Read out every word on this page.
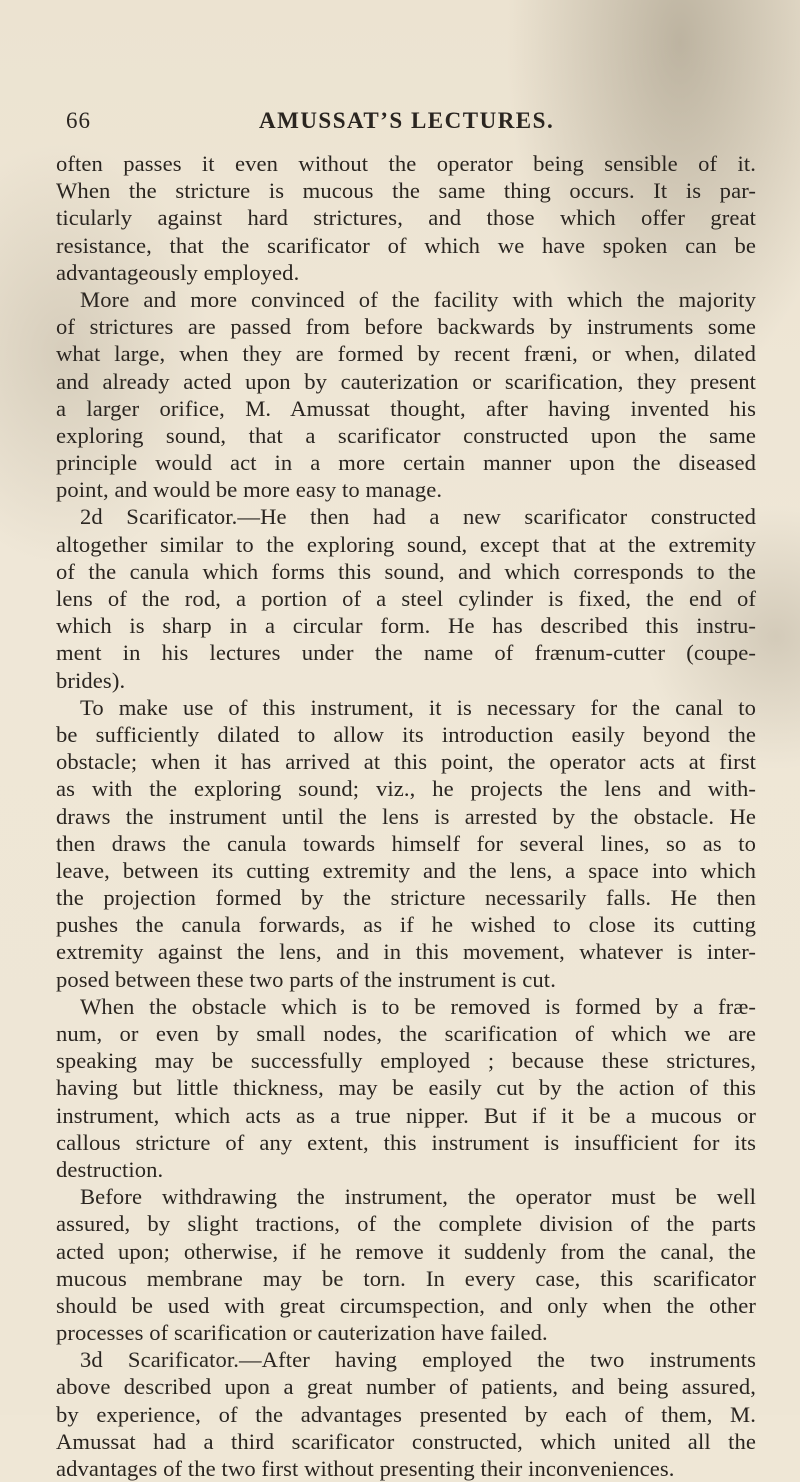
66	AMUSSAT’S LECTURES.
often passes it even without the operator being sensible of it.
When the stricture is mucous the same thing occurs. It is par-
ticularly against hard strictures, and those which offer great
resistance, that the scarificator of which we have spoken can be
advantageously employed.
More and more convinced of the facility with which the majority
of strictures are passed from before backwards by instruments some
what large, when they are formed by recent fræni, or when, dilated
and already acted upon by cauterization or scarification, they present
a larger orifice, M. Amussat thought, after having invented his
exploring sound, that a scarificator constructed upon the same
principle would act in a more certain manner upon the diseased
point, and would be more easy to manage.
2d Scarificator.—He then had a new scarificator constructed
altogether similar to the exploring sound, except that at the extremity
of the canula which forms this sound, and which corresponds to the
lens of the rod, a portion of a steel cylinder is fixed, the end of
which is sharp in a circular form. He has described this instru-
ment in his lectures under the name of frænum-cutter (coupe-
brides).
To make use of this instrument, it is necessary for the canal to
be sufficiently dilated to allow its introduction easily beyond the
obstacle; when it has arrived at this point, the operator acts at first
as with the exploring sound; viz., he projects the lens and with-
draws the instrument until the lens is arrested by the obstacle. He
then draws the canula towards himself for several lines, so as to
leave, between its cutting extremity and the lens, a space into which
the projection formed by the stricture necessarily falls. He then
pushes the canula forwards, as if he wished to close its cutting
extremity against the lens, and in this movement, whatever is inter-
posed between these two parts of the instrument is cut.
When the obstacle which is to be removed is formed by a fræ-
num, or even by small nodes, the scarification of which we are
speaking may be successfully employed ; because these strictures,
having but little thickness, may be easily cut by the action of this
instrument, which acts as a true nipper. But if it be a mucous or
callous stricture of any extent, this instrument is insufficient for its
destruction.
Before withdrawing the instrument, the operator must be well
assured, by slight tractions, of the complete division of the parts
acted upon; otherwise, if he remove it suddenly from the canal, the
mucous membrane may be torn. In every case, this scarificator
should be used with great circumspection, and only when the other
processes of scarification or cauterization have failed.
3d Scarificator.—After having employed the two instruments
above described upon a great number of patients, and being assured,
by experience, of the advantages presented by each of them, M.
Amussat had a third scarificator constructed, which united all the
advantages of the two first without presenting their inconveniences.
